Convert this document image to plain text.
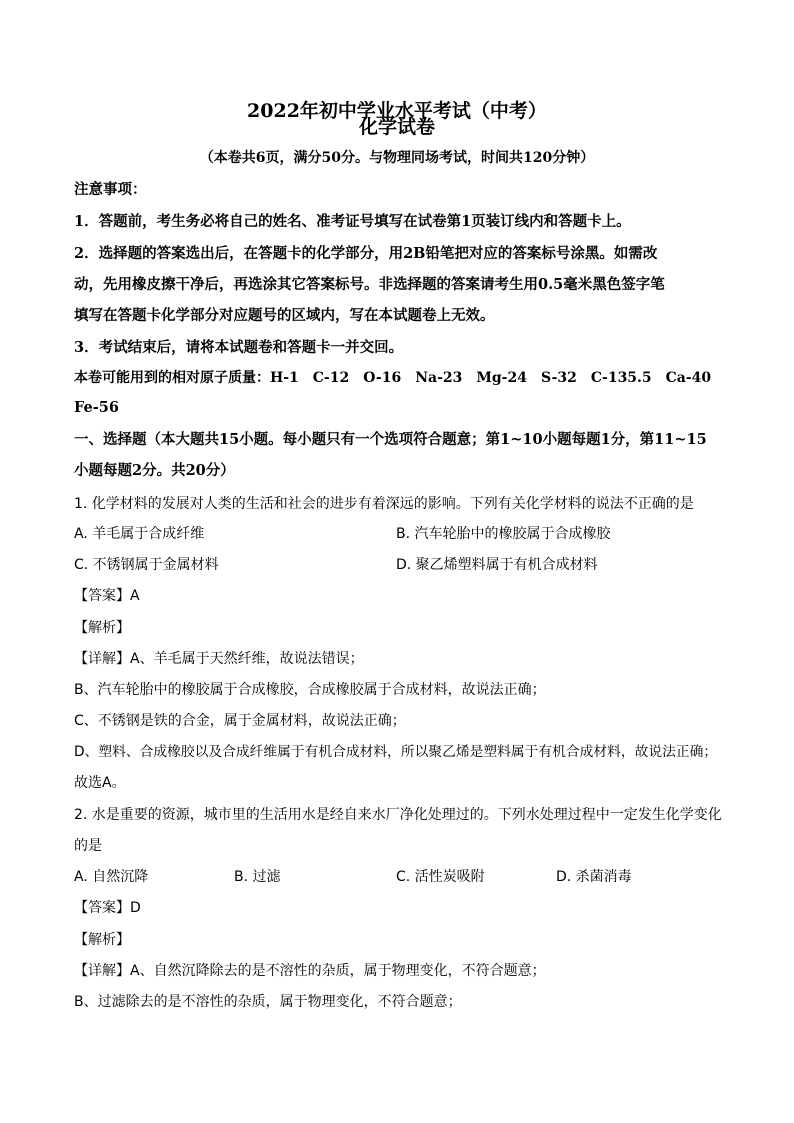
2022年初中学业水平考试（中考）
化学试卷
（本卷共6页，满分50分。与物理同场考试，时间共120分钟）
注意事项：
1．答题前，考生务必将自己的姓名、准考证号填写在试卷第1页装订线内和答题卡上。
2．选择题的答案选出后，在答题卡的化学部分，用2B铅笔把对应的答案标号涂黑。如需改
动，先用橡皮擦干净后，再选涂其它答案标号。非选择题的答案请考生用0.5毫米黑色签字笔
填写在答题卡化学部分对应题号的区域内，写在本试题卷上无效。
3．考试结束后，请将本试题卷和答题卡一并交回。
本卷可能用到的相对原子质量：H-1　C-12　O-16　Na-23　Mg-24　S-32　C-135.5　Ca-40
Fe-56
一、选择题（本大题共15小题。每小题只有一个选项符合题意；第1~10小题每题1分，第11~15
小题每题2分。共20分）
1. 化学材料的发展对人类的生活和社会的进步有着深远的影响。下列有关化学材料的说法不正确的是
A. 羊毛属于合成纤维	B. 汽车轮胎中的橡胶属于合成橡胶
C. 不锈钢属于金属材料	D. 聚乙烯塑料属于有机合成材料
【答案】A
【解析】
【详解】A、羊毛属于天然纤维，故说法错误；
B、汽车轮胎中的橡胶属于合成橡胶，合成橡胶属于合成材料，故说法正确；
C、不锈钢是铁的合金，属于金属材料，故说法正确；
D、塑料、合成橡胶以及合成纤维属于有机合成材料，所以聚乙烯是塑料属于有机合成材料，故说法正确；
故选A。
2. 水是重要的资源，城市里的生活用水是经自来水厂净化处理过的。下列水处理过程中一定发生化学变化
的是
A. 自然沉降	B. 过滤	C. 活性炭吸附	D. 杀菌消毒
【答案】D
【解析】
【详解】A、自然沉降除去的是不溶性的杂质，属于物理变化，不符合题意；
B、过滤除去的是不溶性的杂质，属于物理变化，不符合题意；
